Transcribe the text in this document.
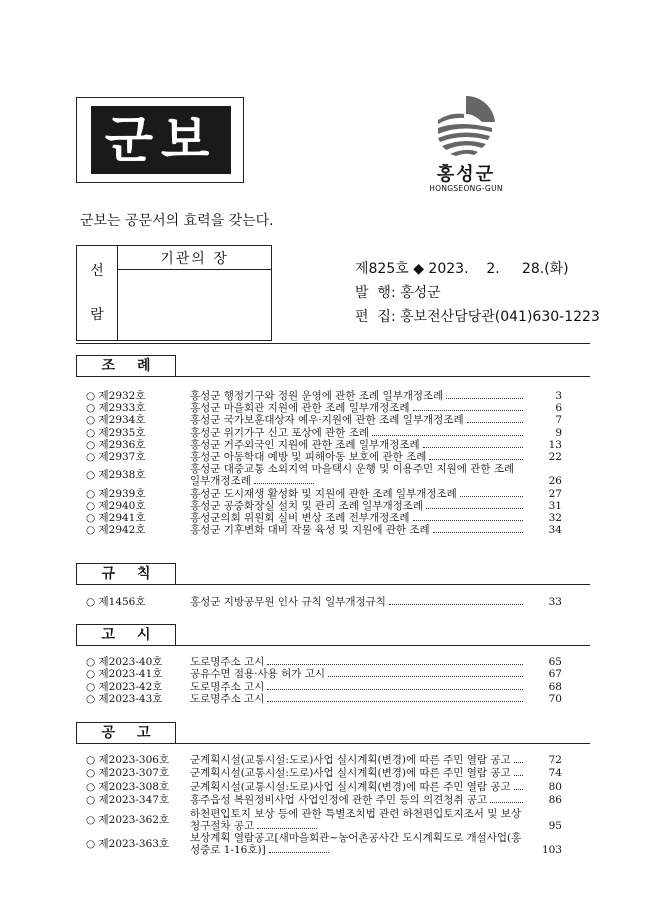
군보
홍성군
HONGSEONG-GUN
군보는 공문서의 효력을 갖는다.
선
람
	기관의 장

제825호 ◆ 2023.    2.     28.(화)
발  행: 홍성군
편  집: 홍보전산담당관(041)630-1223
조례
규칙
고시
공고
○ 제2932호	홍성군 행정기구와 정원 운영에 관한 조례 일부개정조례	3
○ 제2933호	홍성군 마을회관 지원에 관한 조례 일부개정조례	6
○ 제2934호	홍성군 국가보훈대상자 예우·지원에 관한 조례 일부개정조례	7
○ 제2935호	홍성군 위기가구 신고 포상에 관한 조례	9
○ 제2936호	홍성군 거주외국인 지원에 관한 조례 일부개정조례	13
○ 제2937호	홍성군 아동학대 예방 및 피해아동 보호에 관한 조례	22
○ 제2938호	홍성군 대중교통 소외지역 마을택시 운행 및 이용주민 지원에 관한 조례 일부개정조례	26
○ 제2939호	홍성군 도시재생 활성화 및 지원에 관한 조례 일부개정조례	27
○ 제2940호	홍성군 공중화장실 설치 및 관리 조례 일부개정조례	31
○ 제2941호	홍성군의회 위원회 실비 변상 조례 전부개정조례	32
○ 제2942호	홍성군 기후변화 대비 작물 육성 및 지원에 관한 조례	34
○ 제1456호	홍성군 지방공무원 인사 규칙 일부개정규칙	33
○ 제2023-40호	도로명주소 고시	65
○ 제2023-41호	공유수면 점용·사용 허가 고시	67
○ 제2023-42호	도로명주소 고시	68
○ 제2023-43호	도로명주소 고시	70
○ 제2023-306호 군계획시설(교통시설:도로)사업 실시계획(변경)에 따른 주민 열람 공고	72
○ 제2023-307호 군계획시설(교통시설:도로)사업 실시계획(변경)에 따른 주민 열람 공고	74
○ 제2023-308호 군계획시설(교통시설:도로)사업 실시계획(변경)에 따른 주민 열람 공고	80
○ 제2023-347호 홍주읍성 복원정비사업 사업인정에 관한 주민 등의 의견청취 공고	86
○ 제2023-362호 하천편입토지 보상 등에 관한 특별조치법 관련 하천편입토지조서 및 보상청구절차 공고	95
○ 제2023-363호 보상계획 열람공고[새마을회관~농어촌공사간 도시계획도로 개설사업(홍성중로 1-16호)]	103
